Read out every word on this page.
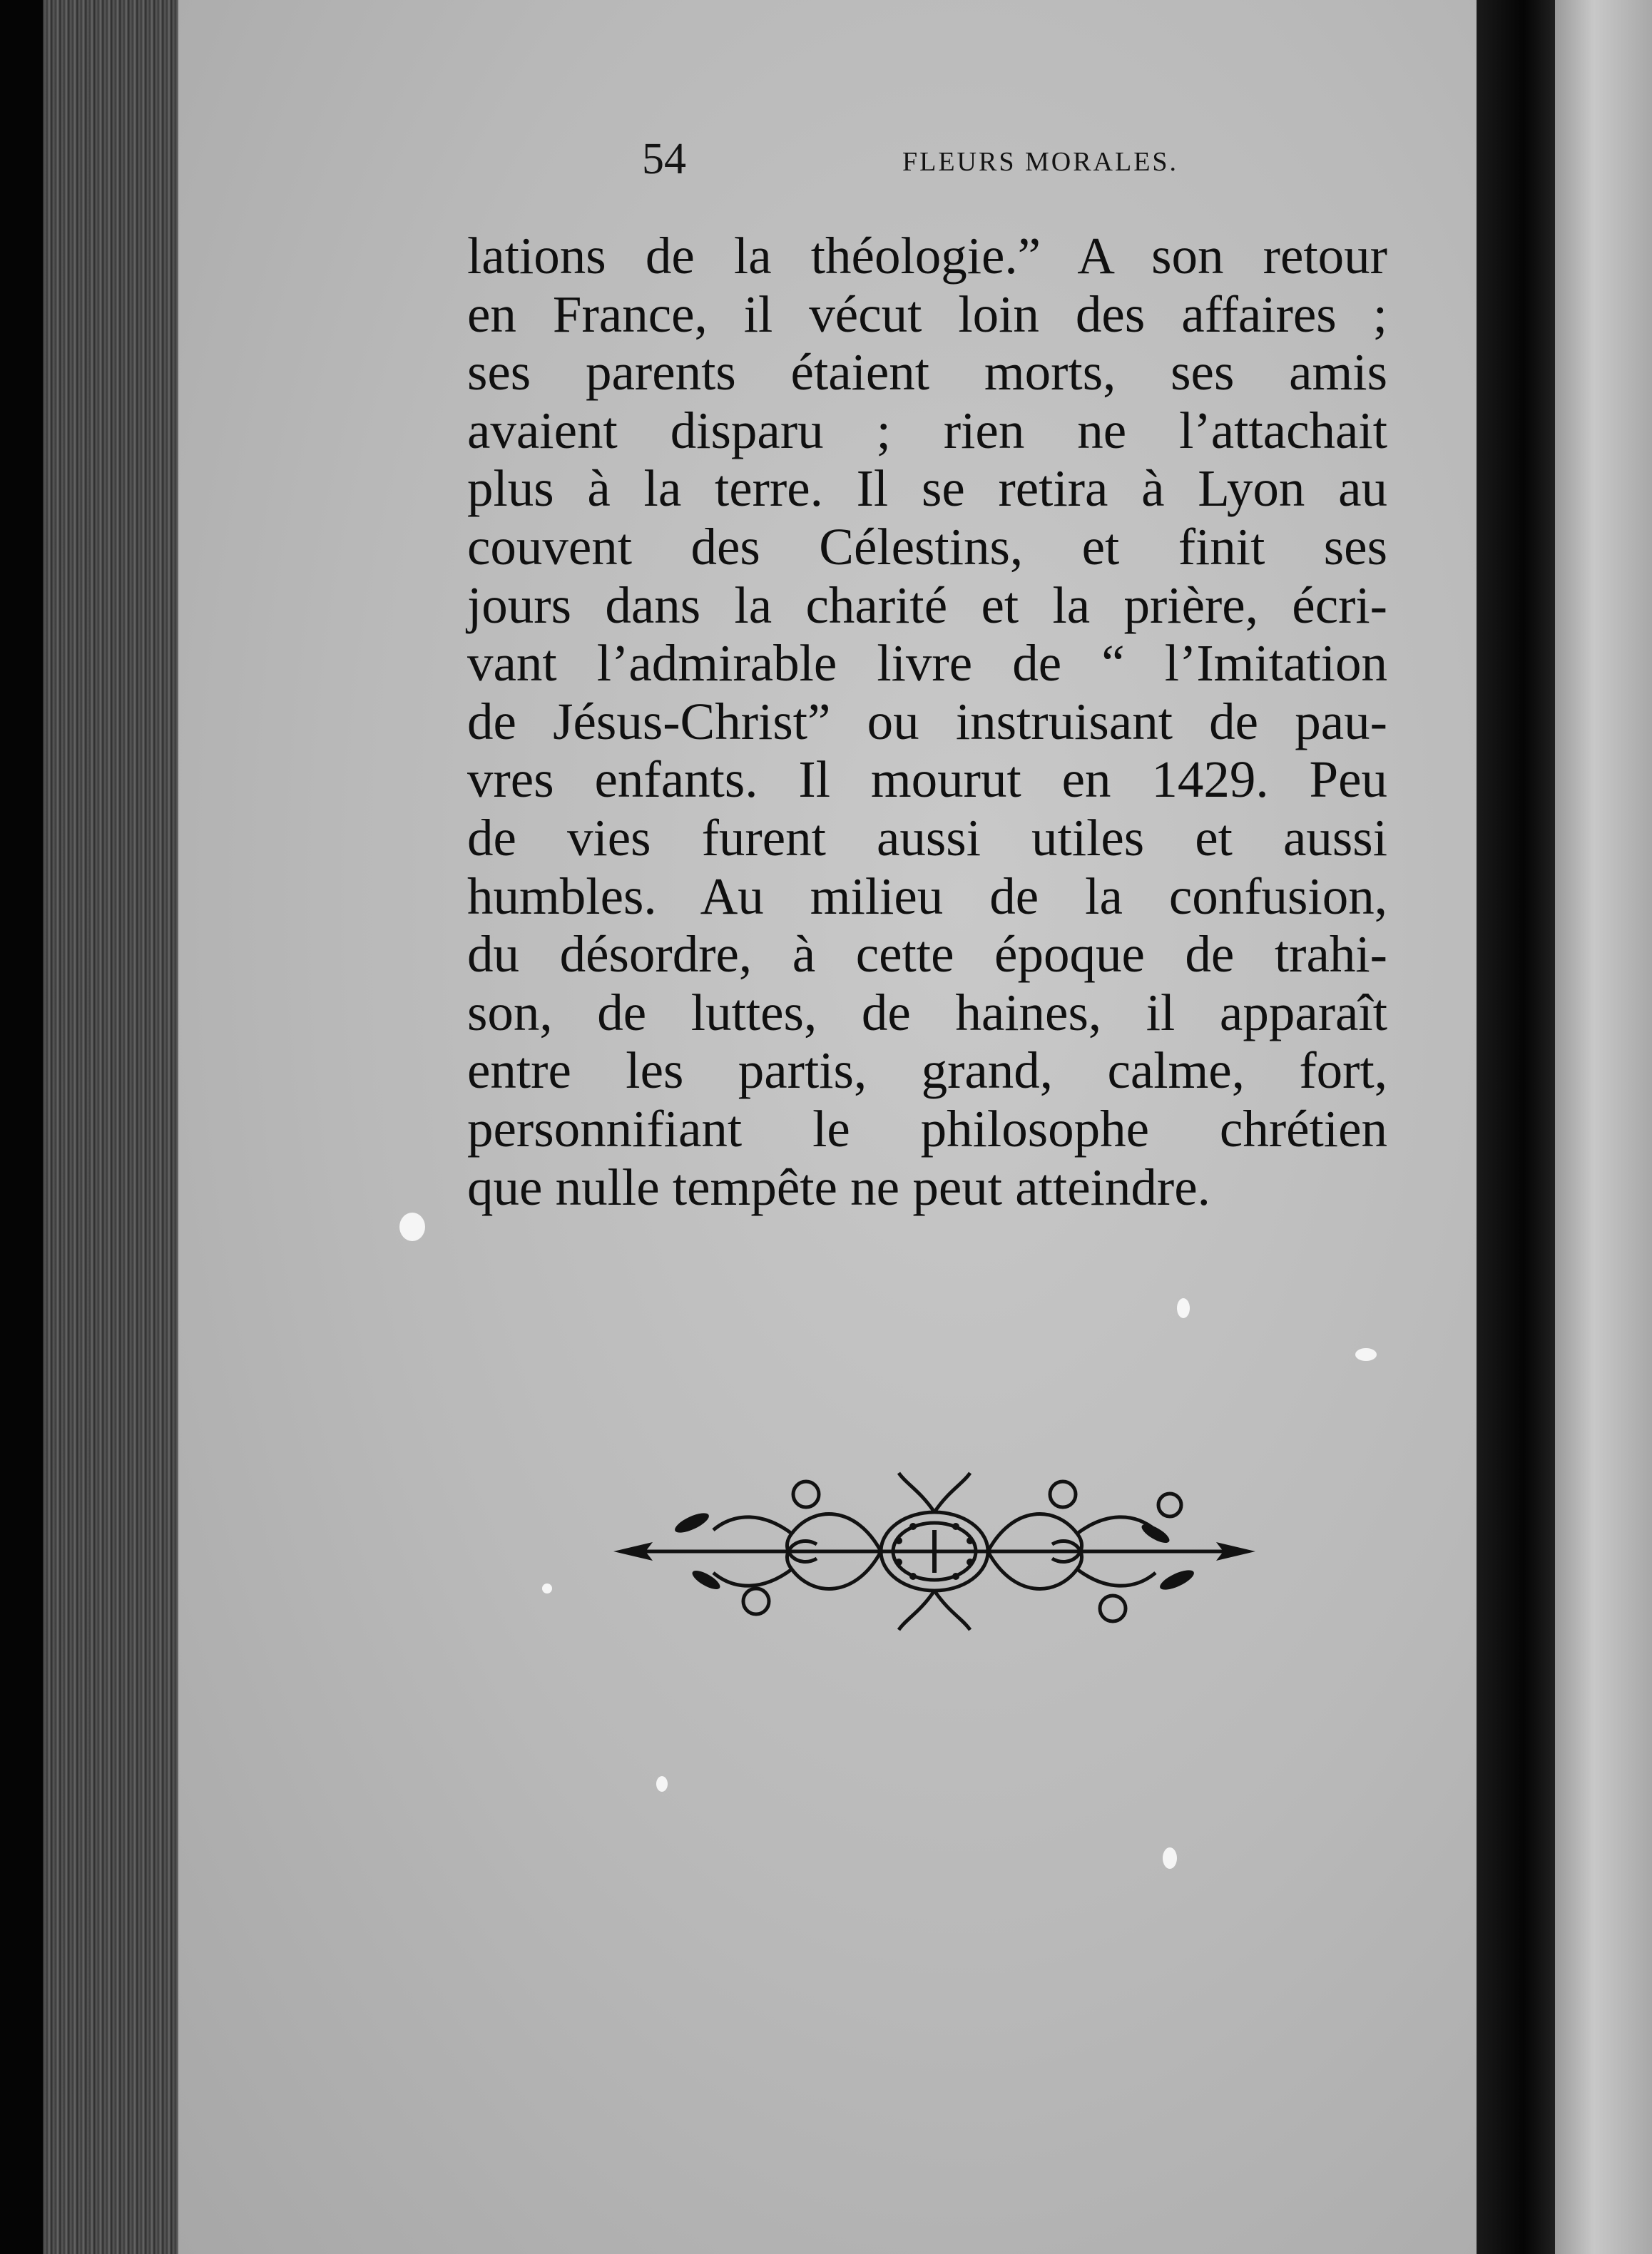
54	FLEURS MORALES.
lations de la théologie.” A son retour
en France, il vécut loin des affaires ;
ses parents étaient morts, ses amis
avaient disparu ; rien ne l’attachait
plus à la terre. Il se retira à Lyon au
couvent des Célestins, et finit ses
jours dans la charité et la prière, écri-
vant l’admirable livre de “ l’Imitation
de Jésus-Christ” ou instruisant de pau-
vres enfants. Il mourut en 1429. Peu
de vies furent aussi utiles et aussi
humbles. Au milieu de la confusion,
du désordre, à cette époque de trahi-
son, de luttes, de haines, il apparaît
entre les partis, grand, calme, fort,
personnifiant le philosophe chrétien
que nulle tempête ne peut atteindre.
